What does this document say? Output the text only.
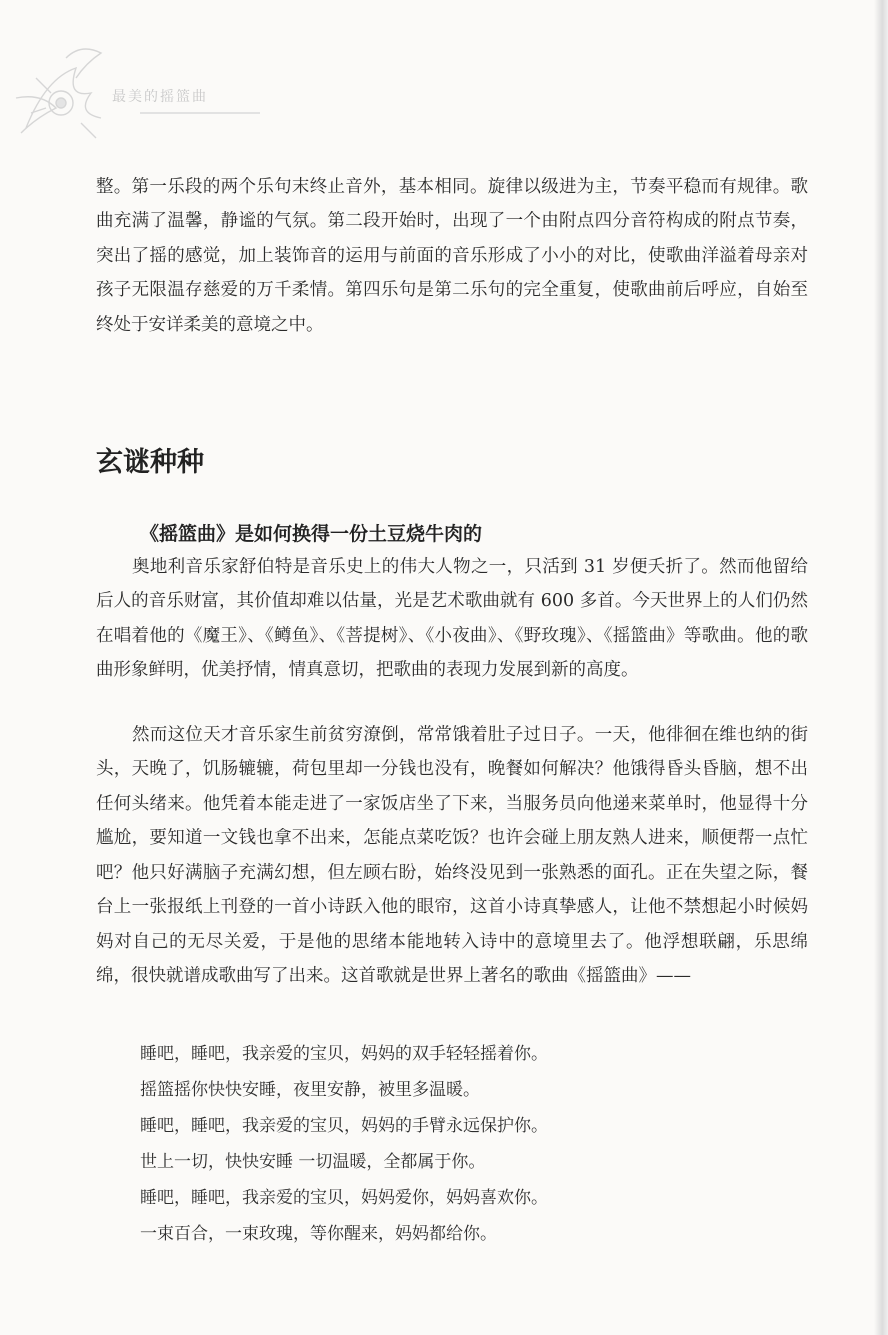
最美的摇篮曲

整。第一乐段的两个乐句末终止音外，基本相同。旋律以级进为主，节奏平稳而有规律。歌曲充满了温馨，静谧的气氛。第二段开始时，出现了一个由附点四分音符构成的附点节奏，突出了摇的感觉，加上装饰音的运用与前面的音乐形成了小小的对比，使歌曲洋溢着母亲对孩子无限温存慈爱的万千柔情。第四乐句是第二乐句的完全重复，使歌曲前后呼应，自始至终处于安详柔美的意境之中。

玄谜种种
《摇篮曲》是如何换得一份土豆烧牛肉的

奥地利音乐家舒伯特是音乐史上的伟大人物之一，只活到 31 岁便夭折了。然而他留给后人的音乐财富，其价值却难以估量，光是艺术歌曲就有 600 多首。今天世界上的人们仍然在唱着他的《魔王》、《鳟鱼》、《菩提树》、《小夜曲》、《野玫瑰》、《摇篮曲》等歌曲。他的歌曲形象鲜明，优美抒情，情真意切，把歌曲的表现力发展到新的高度。

然而这位天才音乐家生前贫穷潦倒，常常饿着肚子过日子。一天，他徘徊在维也纳的街头，天晚了，饥肠辘辘，荷包里却一分钱也没有，晚餐如何解决？他饿得昏头昏脑，想不出任何头绪来。他凭着本能走进了一家饭店坐了下来，当服务员向他递来菜单时，他显得十分尴尬，要知道一文钱也拿不出来，怎能点菜吃饭？也许会碰上朋友熟人进来，顺便帮一点忙吧？他只好满脑子充满幻想，但左顾右盼，始终没见到一张熟悉的面孔。正在失望之际，餐台上一张报纸上刊登的一首小诗跃入他的眼帘，这首小诗真挚感人，让他不禁想起小时候妈妈对自己的无尽关爱，于是他的思绪本能地转入诗中的意境里去了。他浮想联翩，乐思绵绵，很快就谱成歌曲写了出来。这首歌就是世界上著名的歌曲《摇篮曲》——

睡吧，睡吧，我亲爱的宝贝，妈妈的双手轻轻摇着你。
摇篮摇你快快安睡，夜里安静，被里多温暖。
睡吧，睡吧，我亲爱的宝贝，妈妈的手臂永远保护你。
世上一切，快快安睡 一切温暖，全都属于你。
睡吧，睡吧，我亲爱的宝贝，妈妈爱你，妈妈喜欢你。
一束百合，一束玫瑰，等你醒来，妈妈都给你。
